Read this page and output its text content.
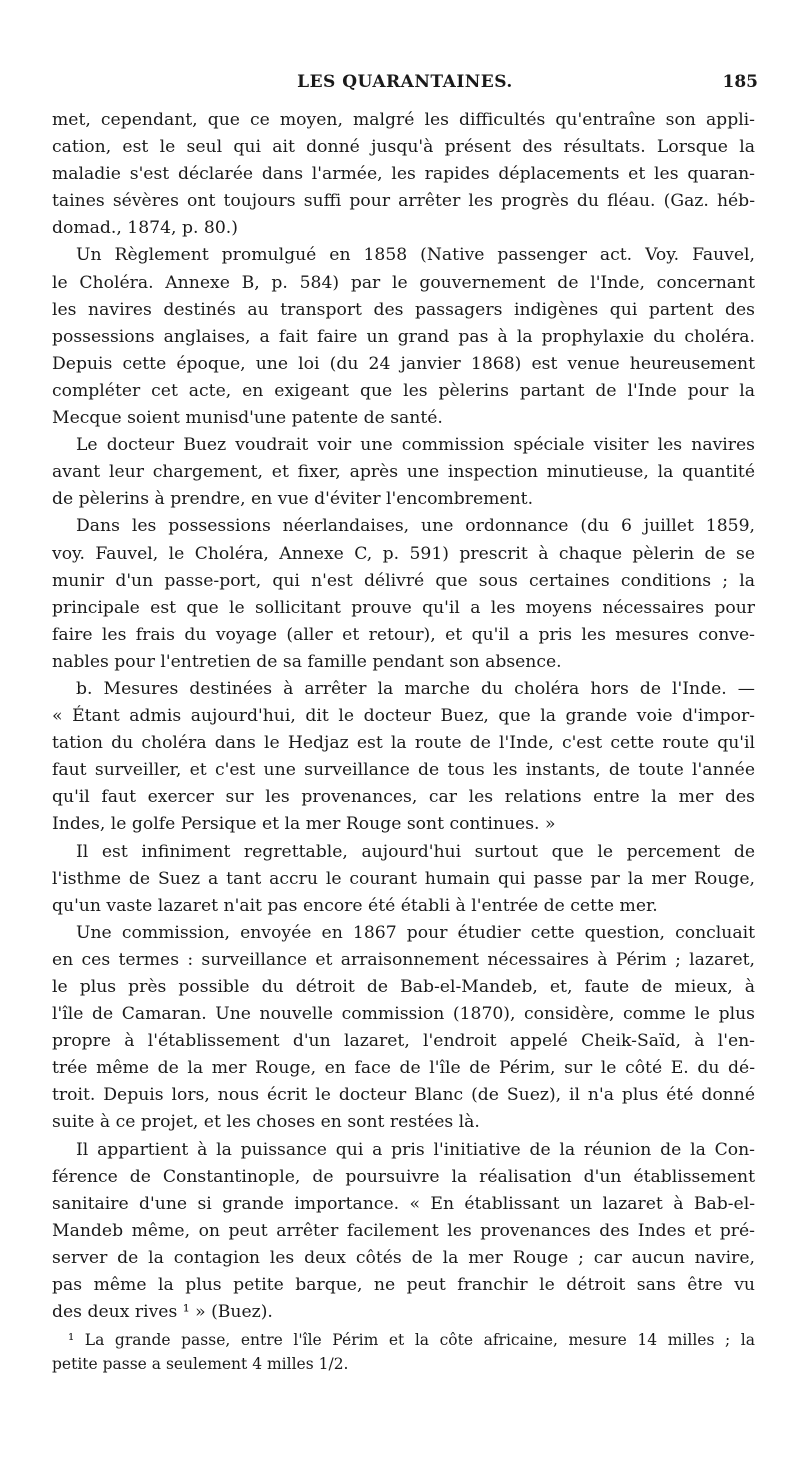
LES QUARANTAINES.	185
met, cependant, que ce moyen, malgré les difficultés qu'entraîne son appli-
cation, est le seul qui ait donné jusqu'à présent des résultats. Lorsque la
maladie s'est déclarée dans l'armée, les rapides déplacements et les quaran-
taines sévères ont toujours suffi pour arrêter les progrès du fléau. (Gaz. héb-
domad., 1874, p. 80.)
Un Règlement promulgué en 1858 (Native passenger act. Voy. Fauvel,
le Choléra. Annexe B, p. 584) par le gouvernement de l'Inde, concernant
les navires destinés au transport des passagers indigènes qui partent des
possessions anglaises, a fait faire un grand pas à la prophylaxie du choléra.
Depuis cette époque, une loi (du 24 janvier 1868) est venue heureusement
compléter cet acte, en exigeant que les pèlerins partant de l'Inde pour la
Mecque soient munisd'une patente de santé.
Le docteur Buez voudrait voir une commission spéciale visiter les navires
avant leur chargement, et fixer, après une inspection minutieuse, la quantité
de pèlerins à prendre, en vue d'éviter l'encombrement.
Dans les possessions néerlandaises, une ordonnance (du 6 juillet 1859,
voy. Fauvel, le Choléra, Annexe C, p. 591) prescrit à chaque pèlerin de se
munir d'un passe-port, qui n'est délivré que sous certaines conditions ; la
principale est que le sollicitant prouve qu'il a les moyens nécessaires pour
faire les frais du voyage (aller et retour), et qu'il a pris les mesures conve-
nables pour l'entretien de sa famille pendant son absence.
b. Mesures destinées à arrêter la marche du choléra hors de l'Inde. —
« Étant admis aujourd'hui, dit le docteur Buez, que la grande voie d'impor-
tation du choléra dans le Hedjaz est la route de l'Inde, c'est cette route qu'il
faut surveiller, et c'est une surveillance de tous les instants, de toute l'année
qu'il faut exercer sur les provenances, car les relations entre la mer des
Indes, le golfe Persique et la mer Rouge sont continues. »
Il est infiniment regrettable, aujourd'hui surtout que le percement de
l'isthme de Suez a tant accru le courant humain qui passe par la mer Rouge,
qu'un vaste lazaret n'ait pas encore été établi à l'entrée de cette mer.
Une commission, envoyée en 1867 pour étudier cette question, concluait
en ces termes : surveillance et arraisonnement nécessaires à Périm ; lazaret,
le plus près possible du détroit de Bab-el-Mandeb, et, faute de mieux, à
l'île de Camaran. Une nouvelle commission (1870), considère, comme le plus
propre à l'établissement d'un lazaret, l'endroit appelé Cheik-Saïd, à l'en-
trée même de la mer Rouge, en face de l'île de Périm, sur le côté E. du dé-
troit. Depuis lors, nous écrit le docteur Blanc (de Suez), il n'a plus été donné
suite à ce projet, et les choses en sont restées là.
Il appartient à la puissance qui a pris l'initiative de la réunion de la Con-
férence de Constantinople, de poursuivre la réalisation d'un établissement
sanitaire d'une si grande importance. « En établissant un lazaret à Bab-el-
Mandeb même, on peut arrêter facilement les provenances des Indes et pré-
server de la contagion les deux côtés de la mer Rouge ; car aucun navire,
pas même la plus petite barque, ne peut franchir le détroit sans être vu
des deux rives ¹ » (Buez).
¹ La grande passe, entre l'île Périm et la côte africaine, mesure 14 milles ; la
petite passe a seulement 4 milles 1/2.
